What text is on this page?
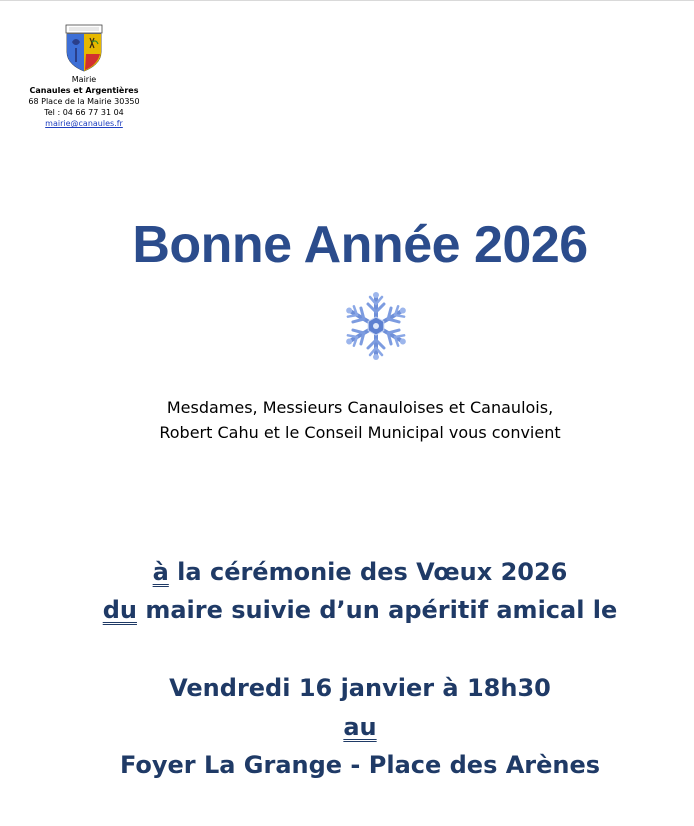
Mairie
Canaules et Argentières
68 Place de la Mairie 30350
Tel : 04 66 77 31 04
mairie@canaules.fr
Bonne Année 2026
Mesdames, Messieurs Canauloises et Canaulois,
Robert Cahu et le Conseil Municipal vous convient
à la cérémonie des Vœux 2026
du maire suivie d’un apéritif amical le
Vendredi 16 janvier à 18h30
au
Foyer La Grange - Place des Arènes
